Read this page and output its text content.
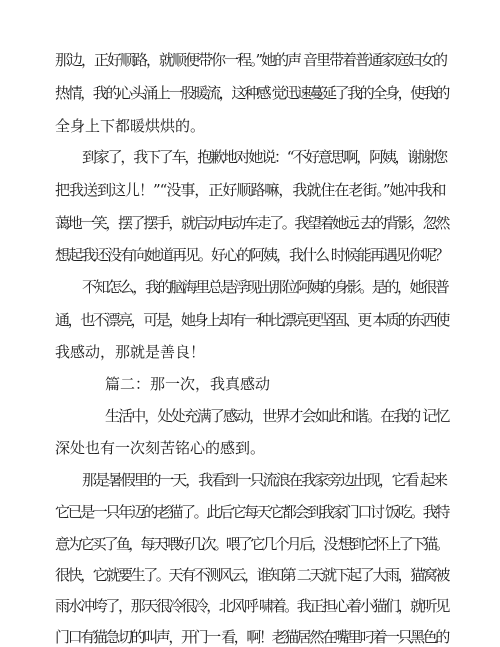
那边，正好顺路，就顺便带你一程。”她的声 音里带着普通家庭妇女的
热情，我的心头涌上一股暖流，这种感 觉迅速蔓延了我的全身，使我的
全身上下都暖烘烘的。
到家了，我下了车，抱歉地对她说：“不好意思啊，阿姨，谢谢您
把我送到这儿！”“没事，正好顺路嘛，我就住在老街。”她冲我和
蔼地一笑，摆了摆手，就启动电动车走了。我望着她远 去的背影，忽然
想起我还没有向她道再见。好心的阿姨，我什么 时候能再遇见你呢？
不知怎么，我的脑海里总是浮现出那位阿姨的身影。是的，她很普
通，也不漂亮，可是，她身上却有一种比漂亮更坚固、更 本质的东西使
我感动，那就是善良！
篇二：那一次，我真感动
生活中，处处充满了感动，世界才会如此和谐。在我的 记忆
深处也有一次刻苦铭心的感到。
那是暑假里的一天，我看到一只流浪在我家旁边出现，它看 起来
它已是一只年迈的老猫了。此后它每天它都会到我家门口讨 饭吃。我特
意为它买了鱼，每天喂好几次。喂了它几个月后，没 想到它怀上了下猫。
很快，它就要生了。天有不测风云，谁知第 二天就下起了大雨，猫窝被
雨水冲垮了，那天很冷很冷，北风呼 啸着。我正担心着小猫们，就听见
门口有猫急切的叫声，开门一 看，啊！老猫居然在嘴里叼着一只黑色的
